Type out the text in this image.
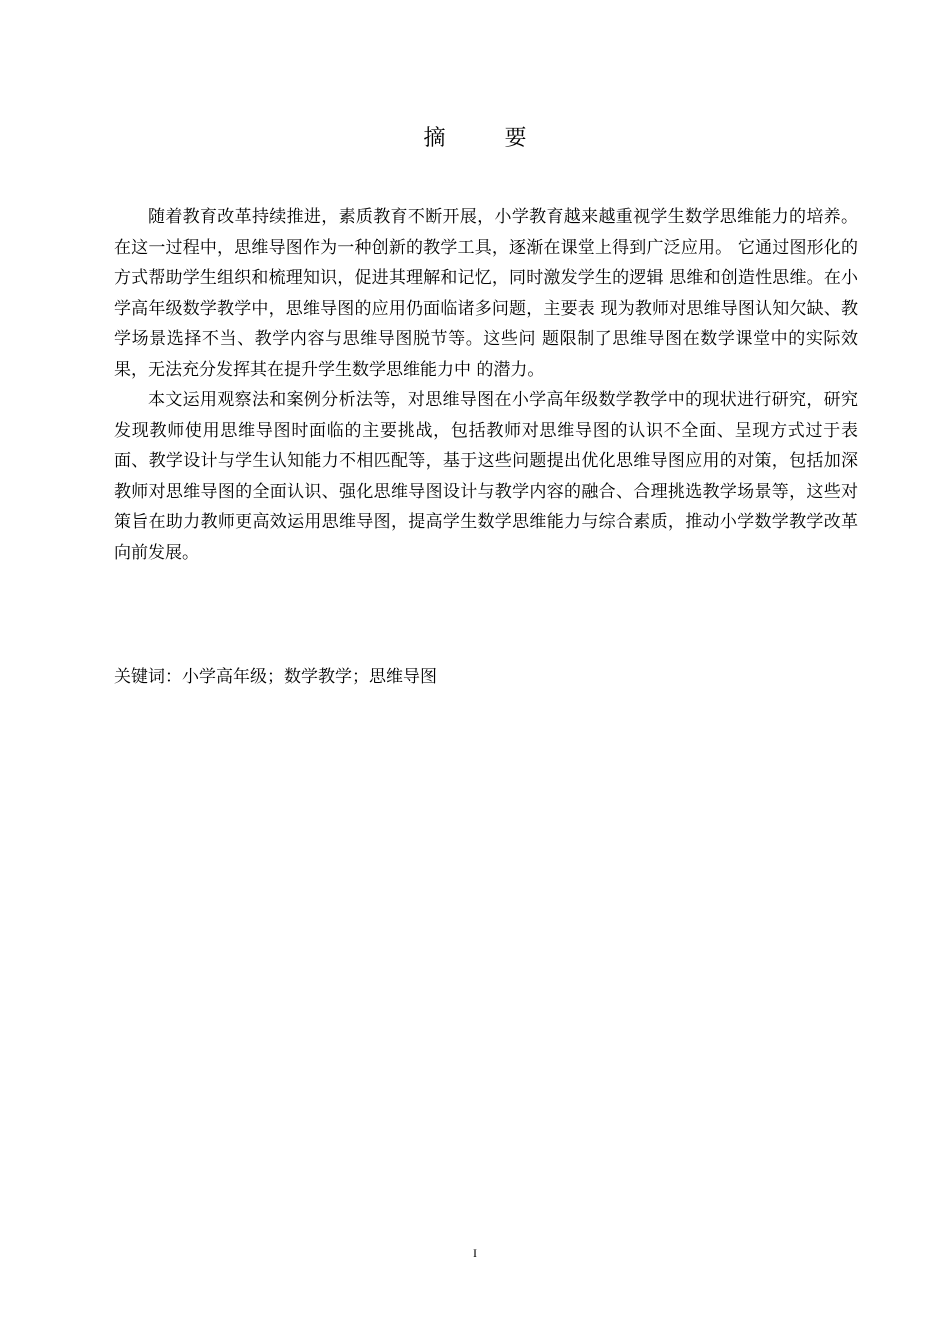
摘 要

随着教育改革持续推进，素质教育不断开展，小学教育越来越重视学生数学思维能力的培养。在这一过程中，思维导图作为一种创新的教学工具，逐渐在课堂上得到广泛应用。 它通过图形化的方式帮助学生组织和梳理知识，促进其理解和记忆，同时激发学生的逻辑 思维和创造性思维。在小学高年级数学教学中，思维导图的应用仍面临诸多问题，主要表 现为教师对思维导图认知欠缺、教学场景选择不当、教学内容与思维导图脱节等。这些问 题限制了思维导图在数学课堂中的实际效果，无法充分发挥其在提升学生数学思维能力中 的潜力。

本文运用观察法和案例分析法等，对思维导图在小学高年级数学教学中的现状进行研究，研究发现教师使用思维导图时面临的主要挑战，包括教师对思维导图的认识不全面、呈现方式过于表面、教学设计与学生认知能力不相匹配等，基于这些问题提出优化思维导图应用的对策，包括加深教师对思维导图的全面认识、强化思维导图设计与教学内容的融合、合理挑选教学场景等，这些对策旨在助力教师更高效运用思维导图，提高学生数学思维能力与综合素质，推动小学数学教学改革向前发展。

关键词：小学高年级；数学教学；思维导图
I
